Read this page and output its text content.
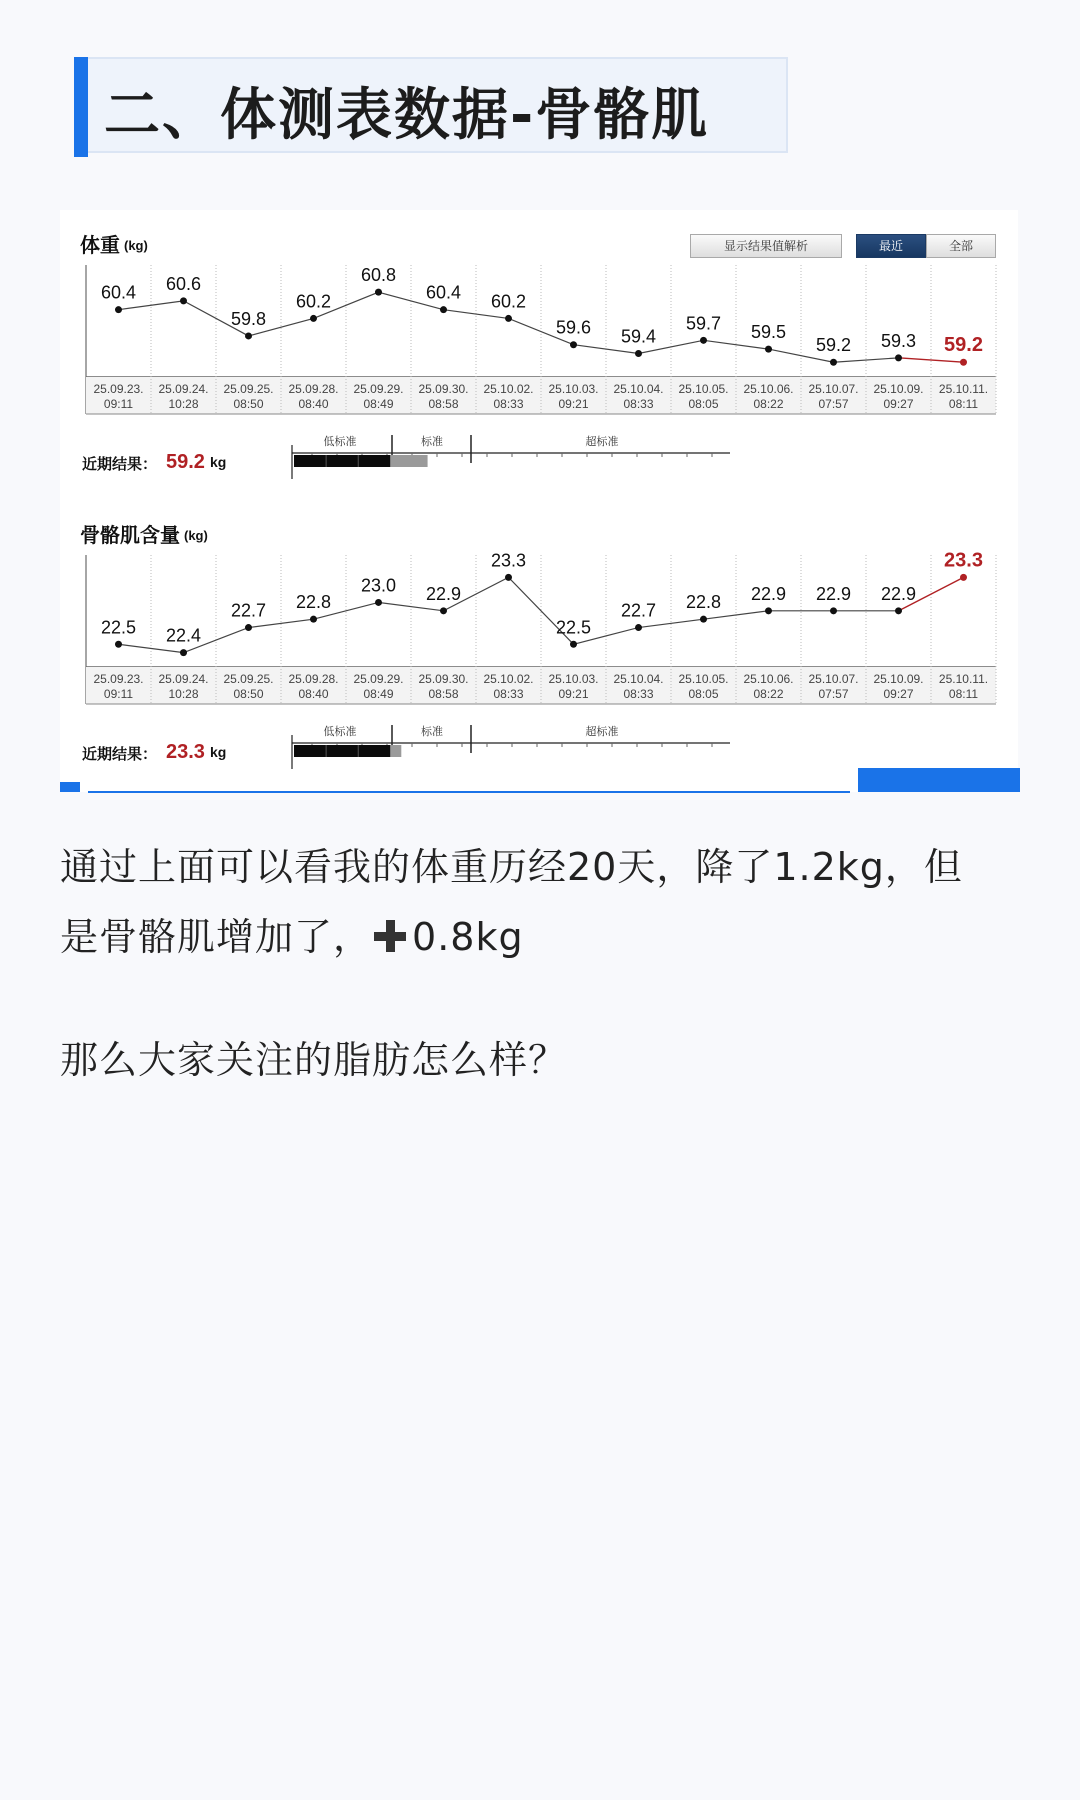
二、体测表数据-骨骼肌
体重 (kg)
60.4 60.6
59.8
60.2
60.8
60.4 60.2
59.6 59.4
59.7 59.5
59.2 59.3 59.2
25.09.23.
09:11
25.09.24.
10:28
25.09.25.
08:50
25.09.28.
08:40
25.09.29.
08:49
25.09.30.
08:58
25.10.02.
08:33
25.10.03.
09:21
25.10.04.
08:33
25.10.05.
08:05
25.10.06.
08:22
25.10.07.
07:57
25.10.09.
09:27
25.10.11.
08:11
近期结果： 59.2 kg
低标准	标准	超标准
骨骼肌含量 (kg)
22.5 22.4
22.7 22.8
23.0 22.9
23.3
22.5
22.7 22.8 22.9 22.9 22.9
23.3
25.09.23.
09:11
25.09.24.
10:28
25.09.25.
08:50
25.09.28.
08:40
25.09.29.
08:49
25.09.30.
08:58
25.10.02.
08:33
25.10.03.
09:21
25.10.04.
08:33
25.10.05.
08:05
25.10.06.
08:22
25.10.07.
07:57
25.10.09.
09:27
25.10.11.
08:11
近期结果： 23.3 kg
低标准	标准	超标准
显示结果值解析	最近	全部
通过上面可以看我的体重历经20天，降了1.2kg，但
是骨骼肌增加了， 0.8kg
那么大家关注的脂肪怎么样？
